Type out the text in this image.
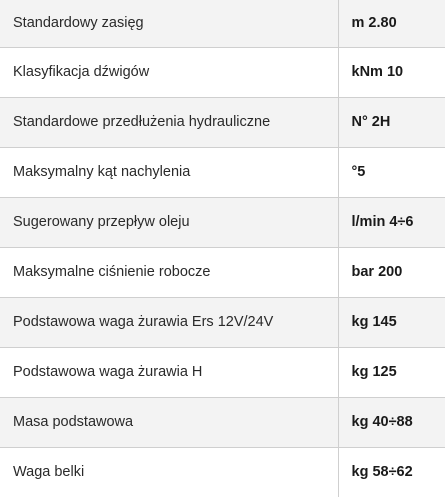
Standardowy zasięg	m 2.80
Klasyfikacja dźwigów	kNm 10
Standardowe przedłużenia hydrauliczne	N° 2H
Maksymalny kąt nachylenia	°5
Sugerowany przepływ oleju	l/min 4÷6
Maksymalne ciśnienie robocze	bar 200
Podstawowa waga żurawia Ers 12V/24V	kg 145
Podstawowa waga żurawia H	kg 125
Masa podstawowa	kg 40÷88
Waga belki	kg 58÷62
